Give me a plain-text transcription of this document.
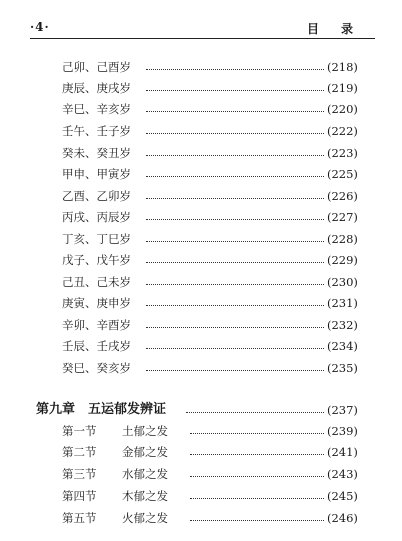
·4·	目录
己卯、己酉岁	(218)
庚辰、庚戌岁	(219)
辛巳、辛亥岁	(220)
壬午、壬子岁	(222)
癸未、癸丑岁	(223)
甲申、甲寅岁	(225)
乙酉、乙卯岁	(226)
丙戌、丙辰岁	(227)
丁亥、丁巳岁	(228)
戊子、戊午岁	(229)
己丑、己未岁	(230)
庚寅、庚申岁	(231)
辛卯、辛酉岁	(232)
壬辰、壬戌岁	(234)
癸巳、癸亥岁	(235)
第九章 五运郁发辨证	(237)
第一节 土郁之发	(239)
第二节 金郁之发	(241)
第三节 水郁之发	(243)
第四节 木郁之发	(245)
第五节 火郁之发	(246)
